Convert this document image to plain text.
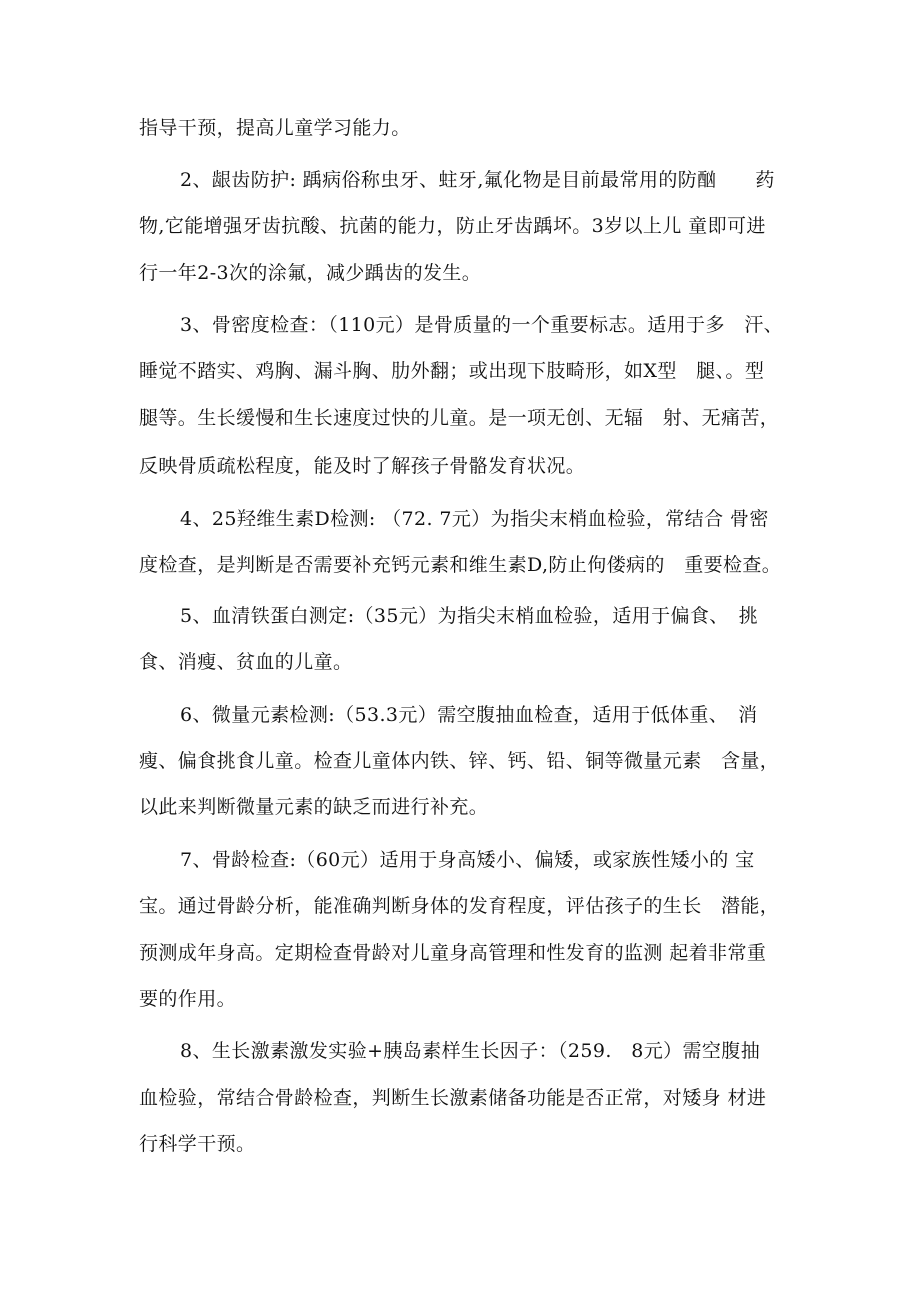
指导干预，提高儿童学习能力。
2、龈齿防护: 踽病俗称虫牙、蛀牙,氟化物是目前最常用的防酗　　药
物,它能增强牙齿抗酸、抗菌的能力，防止牙齿踽坏。3岁以上儿 童即可进
行一年2-3次的涂氟，减少踽齿的发生。
3、骨密度检查：（110元）是骨质量的一个重要标志。适用于多　汗、
睡觉不踏实、鸡胸、漏斗胸、肋外翻；或出现下肢畸形，如X型　腿、。型
腿等。生长缓慢和生长速度过快的儿童。是一项无创、无辐　射、无痛苦，
反映骨质疏松程度，能及时了解孩子骨骼发育状况。
4、25羟维生素D检测: （72. 7元）为指尖末梢血检验，常结合 骨密
度检查，是判断是否需要补充钙元素和维生素D,防止佝偻病的　重要检查。
5、血清铁蛋白测定:（35元）为指尖末梢血检验，适用于偏食、　挑
食、消瘦、贫血的儿童。
6、微量元素检测:（53.3元）需空腹抽血检查，适用于低体重、　消
瘦、偏食挑食儿童。检查儿童体内铁、锌、钙、铅、铜等微量元素　含量，
以此来判断微量元素的缺乏而进行补充。
7、骨龄检查:（60元）适用于身高矮小、偏矮，或家族性矮小的 宝
宝。通过骨龄分析，能准确判断身体的发育程度，评估孩子的生长　潜能，
预测成年身高。定期检查骨龄对儿童身高管理和性发育的监测 起着非常重
要的作用。
8、生长激素激发实验+胰岛素样生长因子：（259.　8元）需空腹抽
血检验，常结合骨龄检查，判断生长激素储备功能是否正常，对矮身 材进
行科学干预。
